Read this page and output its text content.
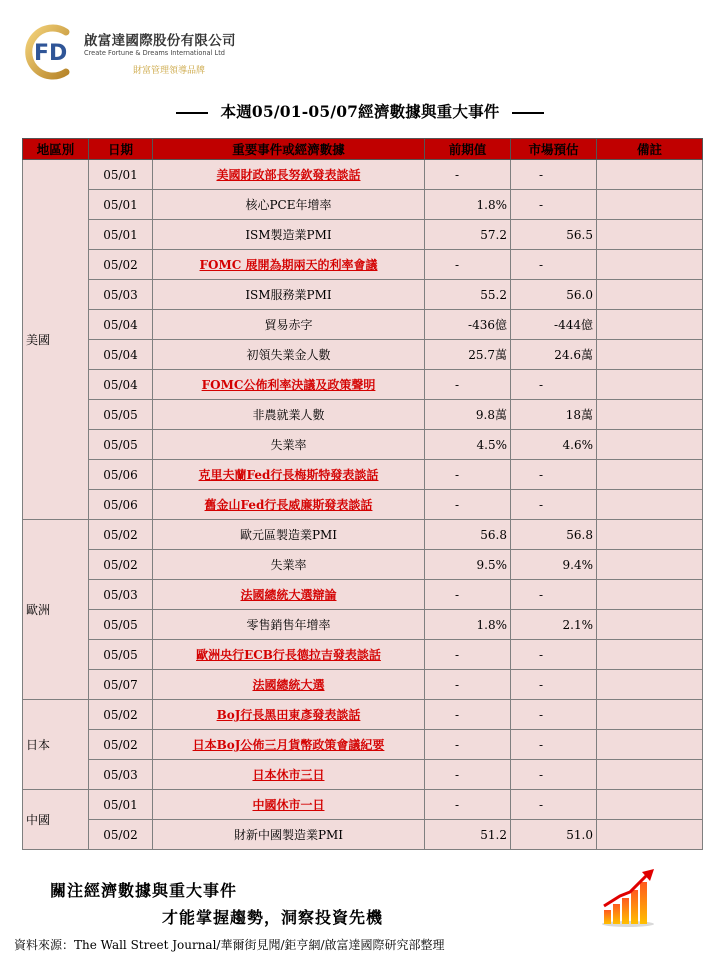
FD 啟富達國際股份有限公司
Create Fortune & Dreams International Ltd
財富管理領導品牌
本週05/01-05/07經濟數據與重大事件
地區別	日期	重要事件或經濟數據	前期值	市場預估	備註
美國	05/01	美國財政部長努欽發表談話	-	-	
	05/01	核心PCE年增率	1.8%	-	
	05/01	ISM製造業PMI	57.2	56.5	
	05/02	FOMC 展開為期兩天的利率會議	-	-	
	05/03	ISM服務業PMI	55.2	56.0	
	05/04	貿易赤字	-436億	-444億	
	05/04	初領失業金人數	25.7萬	24.6萬	
	05/04	FOMC公佈利率決議及政策聲明	-	-	
	05/05	非農就業人數	9.8萬	18萬	
	05/05	失業率	4.5%	4.6%	
	05/06	克里夫蘭Fed行長梅斯特發表談話	-	-	
	05/06	舊金山Fed行長威廉斯發表談話	-	-	
歐洲	05/02	歐元區製造業PMI	56.8	56.8	
	05/02	失業率	9.5%	9.4%	
	05/03	法國總統大選辯論	-	-	
	05/05	零售銷售年增率	1.8%	2.1%	
	05/05	歐洲央行ECB行長德拉吉發表談話	-	-	
	05/07	法國總統大選	-	-	
日本	05/02	BoJ行長黑田東彥發表談話	-	-	
	05/02	日本BoJ公佈三月貨幣政策會議紀要	-	-	
	05/03	日本休市三日	-	-	
中國	05/01	中國休市一日	-	-	
	05/02	財新中國製造業PMI	51.2	51.0	
關注經濟數據與重大事件
才能掌握趨勢，洞察投資先機
資料來源：The Wall Street Journal/華爾街見聞/鉅亨網/啟富達國際研究部整理
